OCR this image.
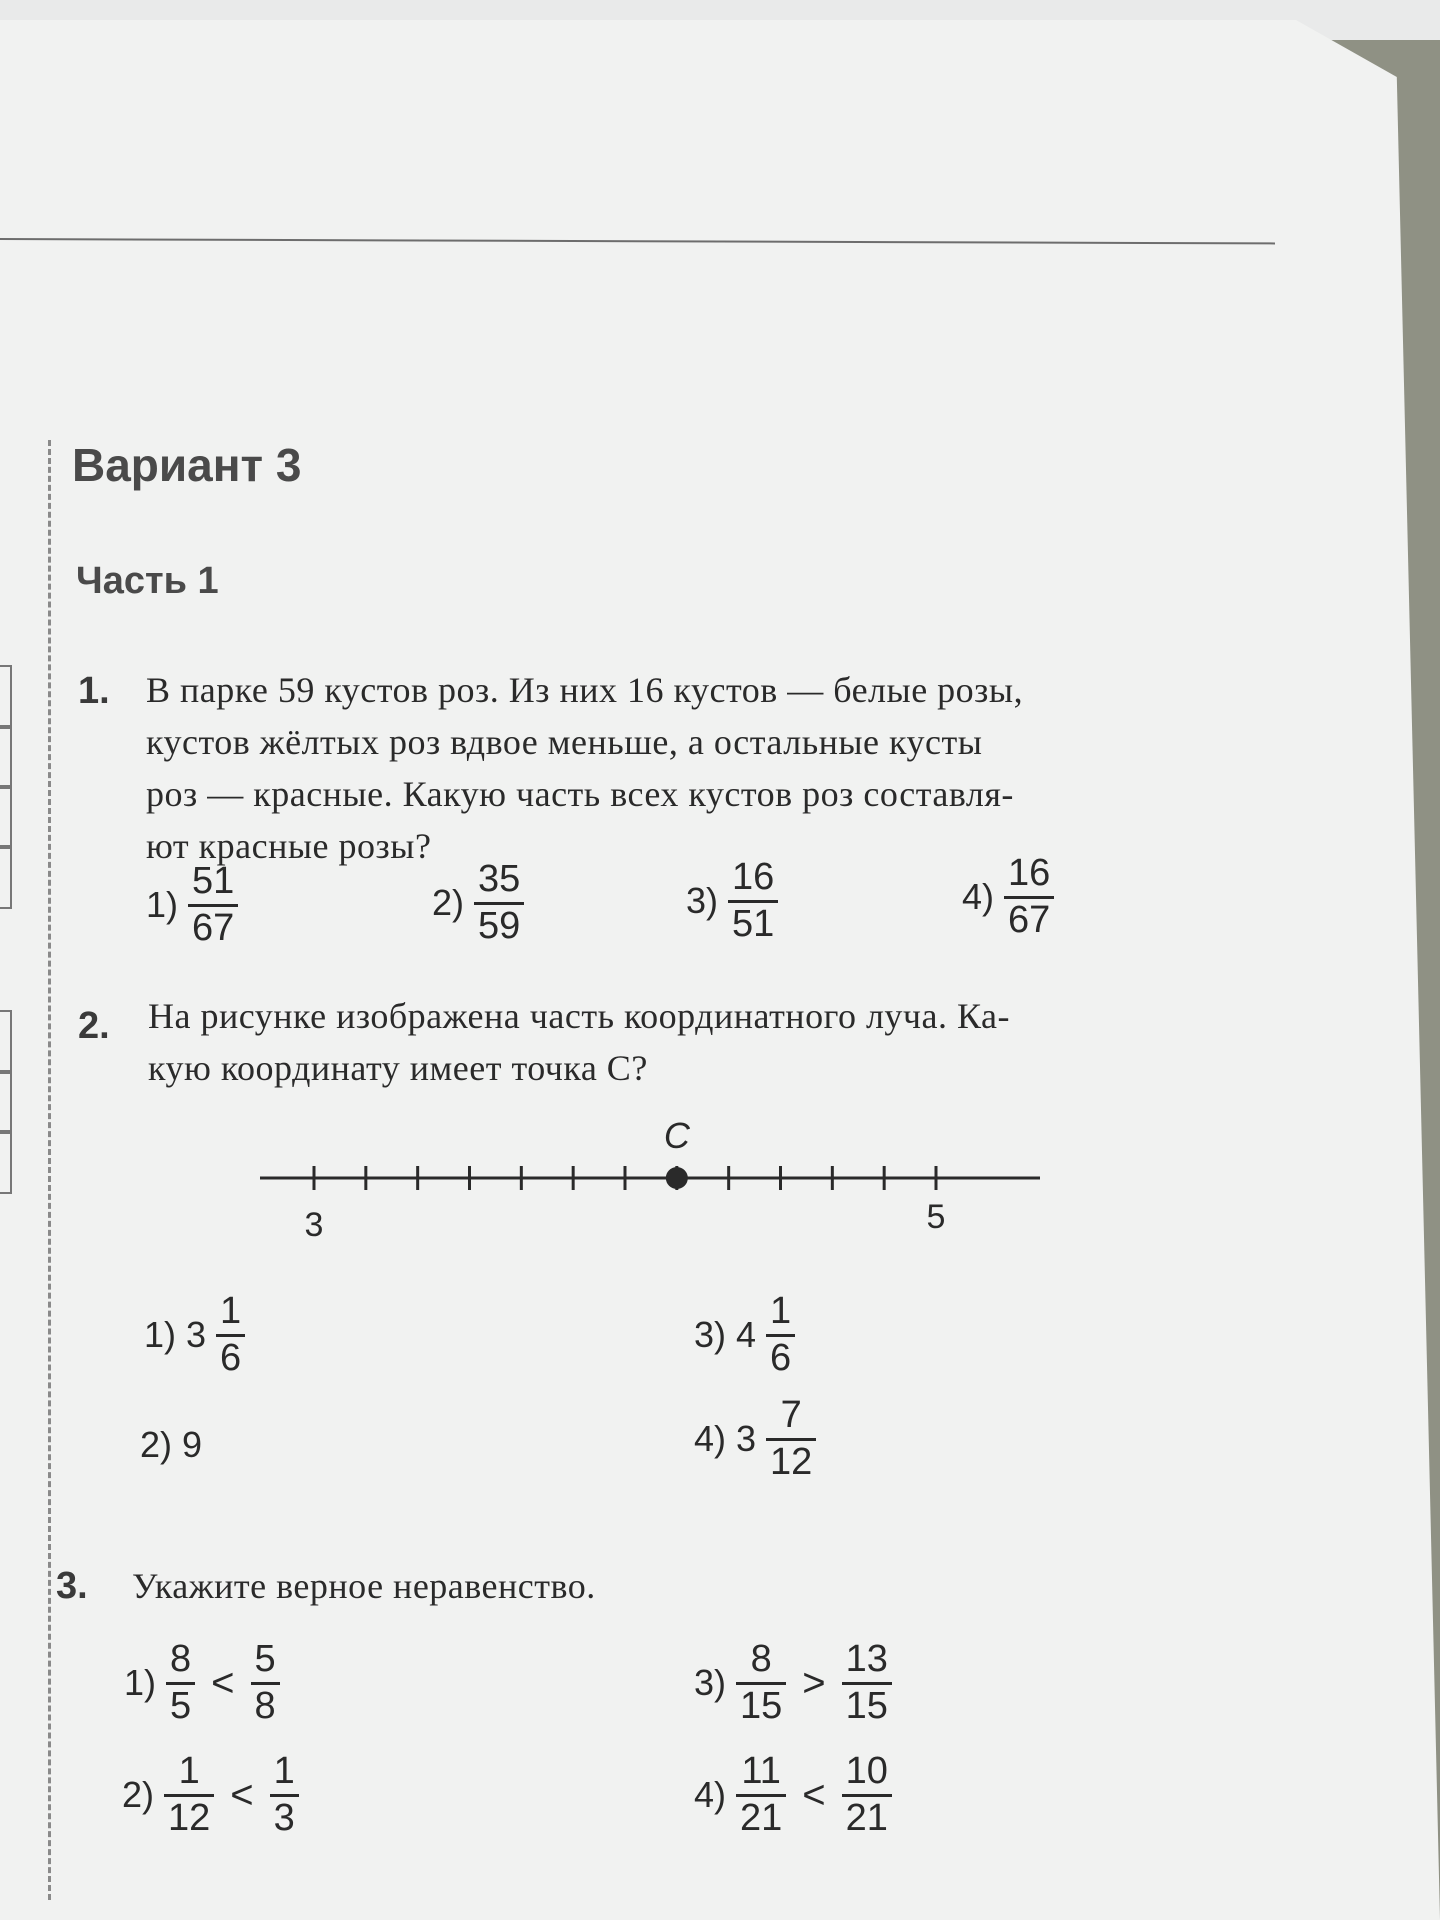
Вариант 3
Часть 1
1. В парке 59 кустов роз. Из них 16 кустов — белые розы,
кустов жёлтых роз вдвое меньше, а остальные кусты
роз — красные. Какую часть всех кустов роз составля-
ют красные розы?
$1) \frac{51}{67}$	$2) \frac{35}{59}$	$3) \frac{16}{51}$	$4) \frac{16}{67}$
2. На рисунке изображена часть координатного луча. Ка-
кую координату имеет точка C?
C
3	5
1) $3 \frac{1}{6}$
2) 9
3) $4 \frac{1}{6}$
4) $3 \frac{7}{12}$
3. Укажите верное неравенство.
$1) \frac{8}{5} < \frac{5}{8}$
$2) \frac{1}{12} < \frac{1}{3}$
$3) \frac{8}{15} > \frac{13}{15}$
$4) \frac{11}{21} < \frac{10}{21}$
